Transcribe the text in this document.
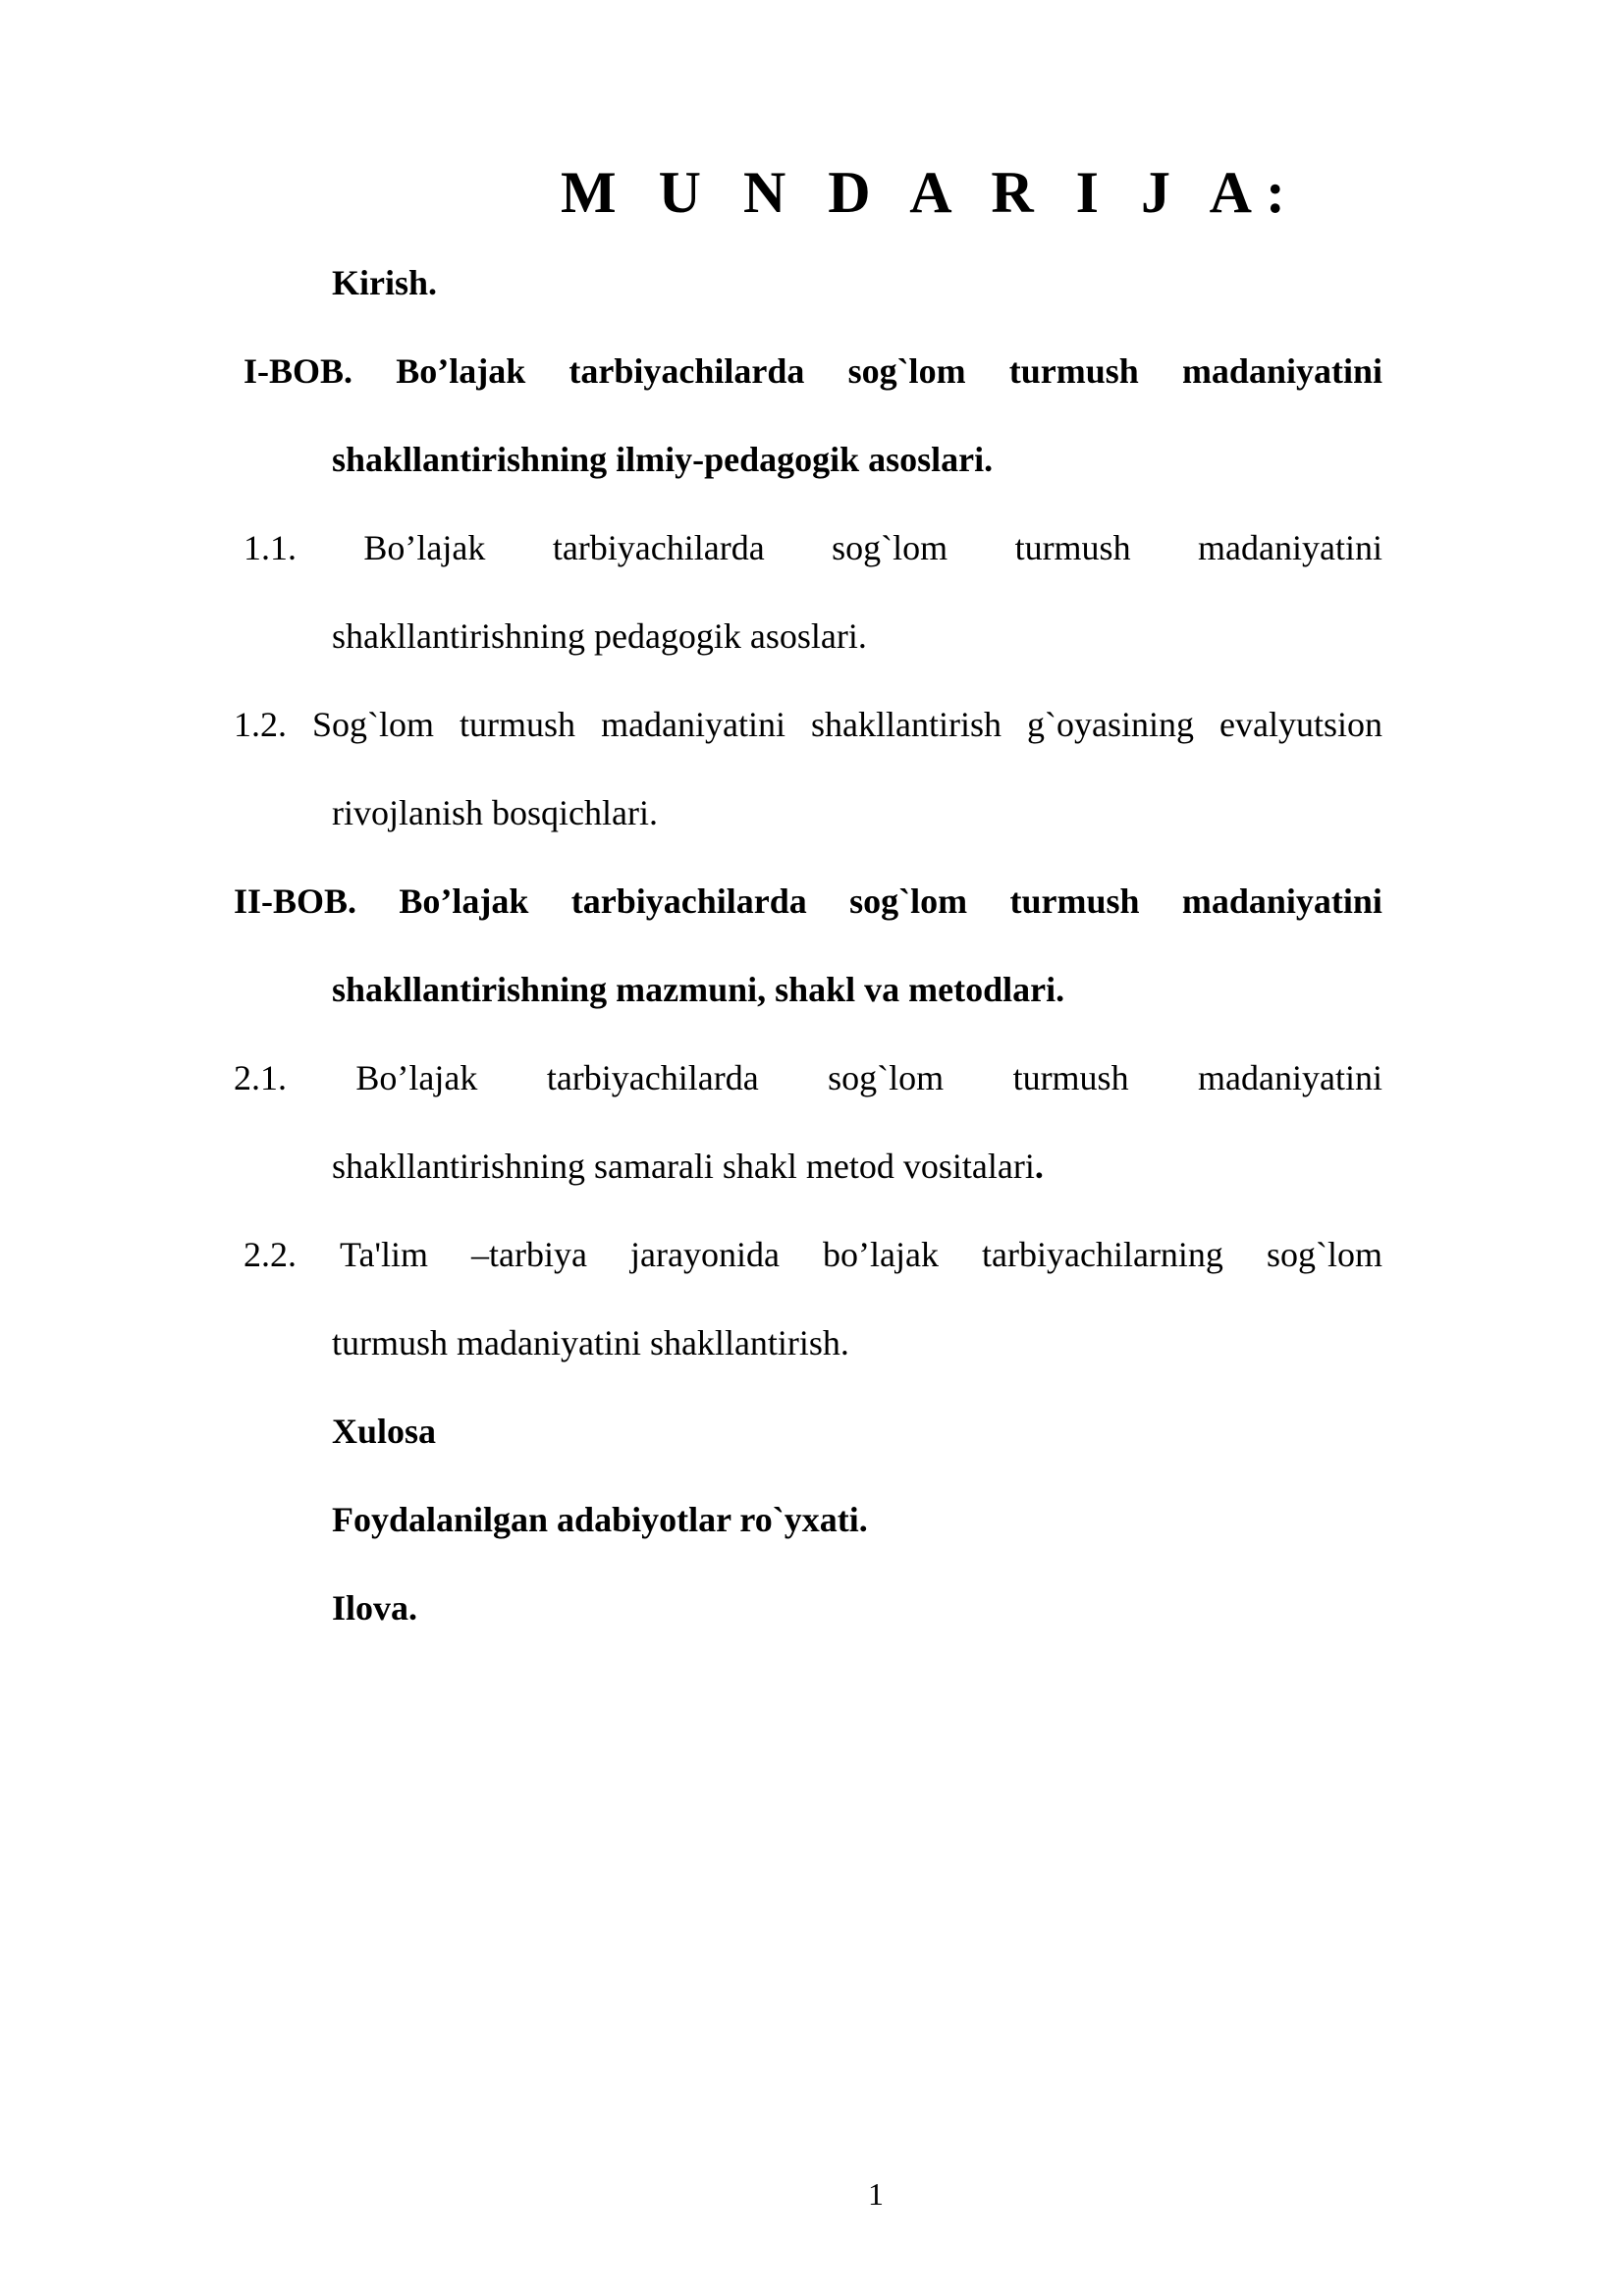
M U N D A R I J A:
Kirish.
I-BOB. Bo’lajak tarbiyachilarda sog`lom turmush madaniyatini
shakllantirishning ilmiy-pedagogik asoslari.
1.1. Bo’lajak tarbiyachilarda sog`lom turmush madaniyatini
shakllantirishning pedagogik asoslari.
1.2. Sog`lom turmush madaniyatini shakllantirish g`oyasining evalyutsion
rivojlanish bosqichlari.
II-BOB. Bo’lajak tarbiyachilarda sog`lom turmush madaniyatini
shakllantirishning mazmuni, shakl va metodlari.
2.1. Bo’lajak tarbiyachilarda sog`lom turmush madaniyatini
shakllantirishning samarali shakl metod vositalari.
2.2. Ta'lim –tarbiya jarayonida bo’lajak tarbiyachilarning sog`lom
turmush madaniyatini shakllantirish.
Xulosa
Foydalanilgan adabiyotlar ro`yxati.
Ilova.
1
